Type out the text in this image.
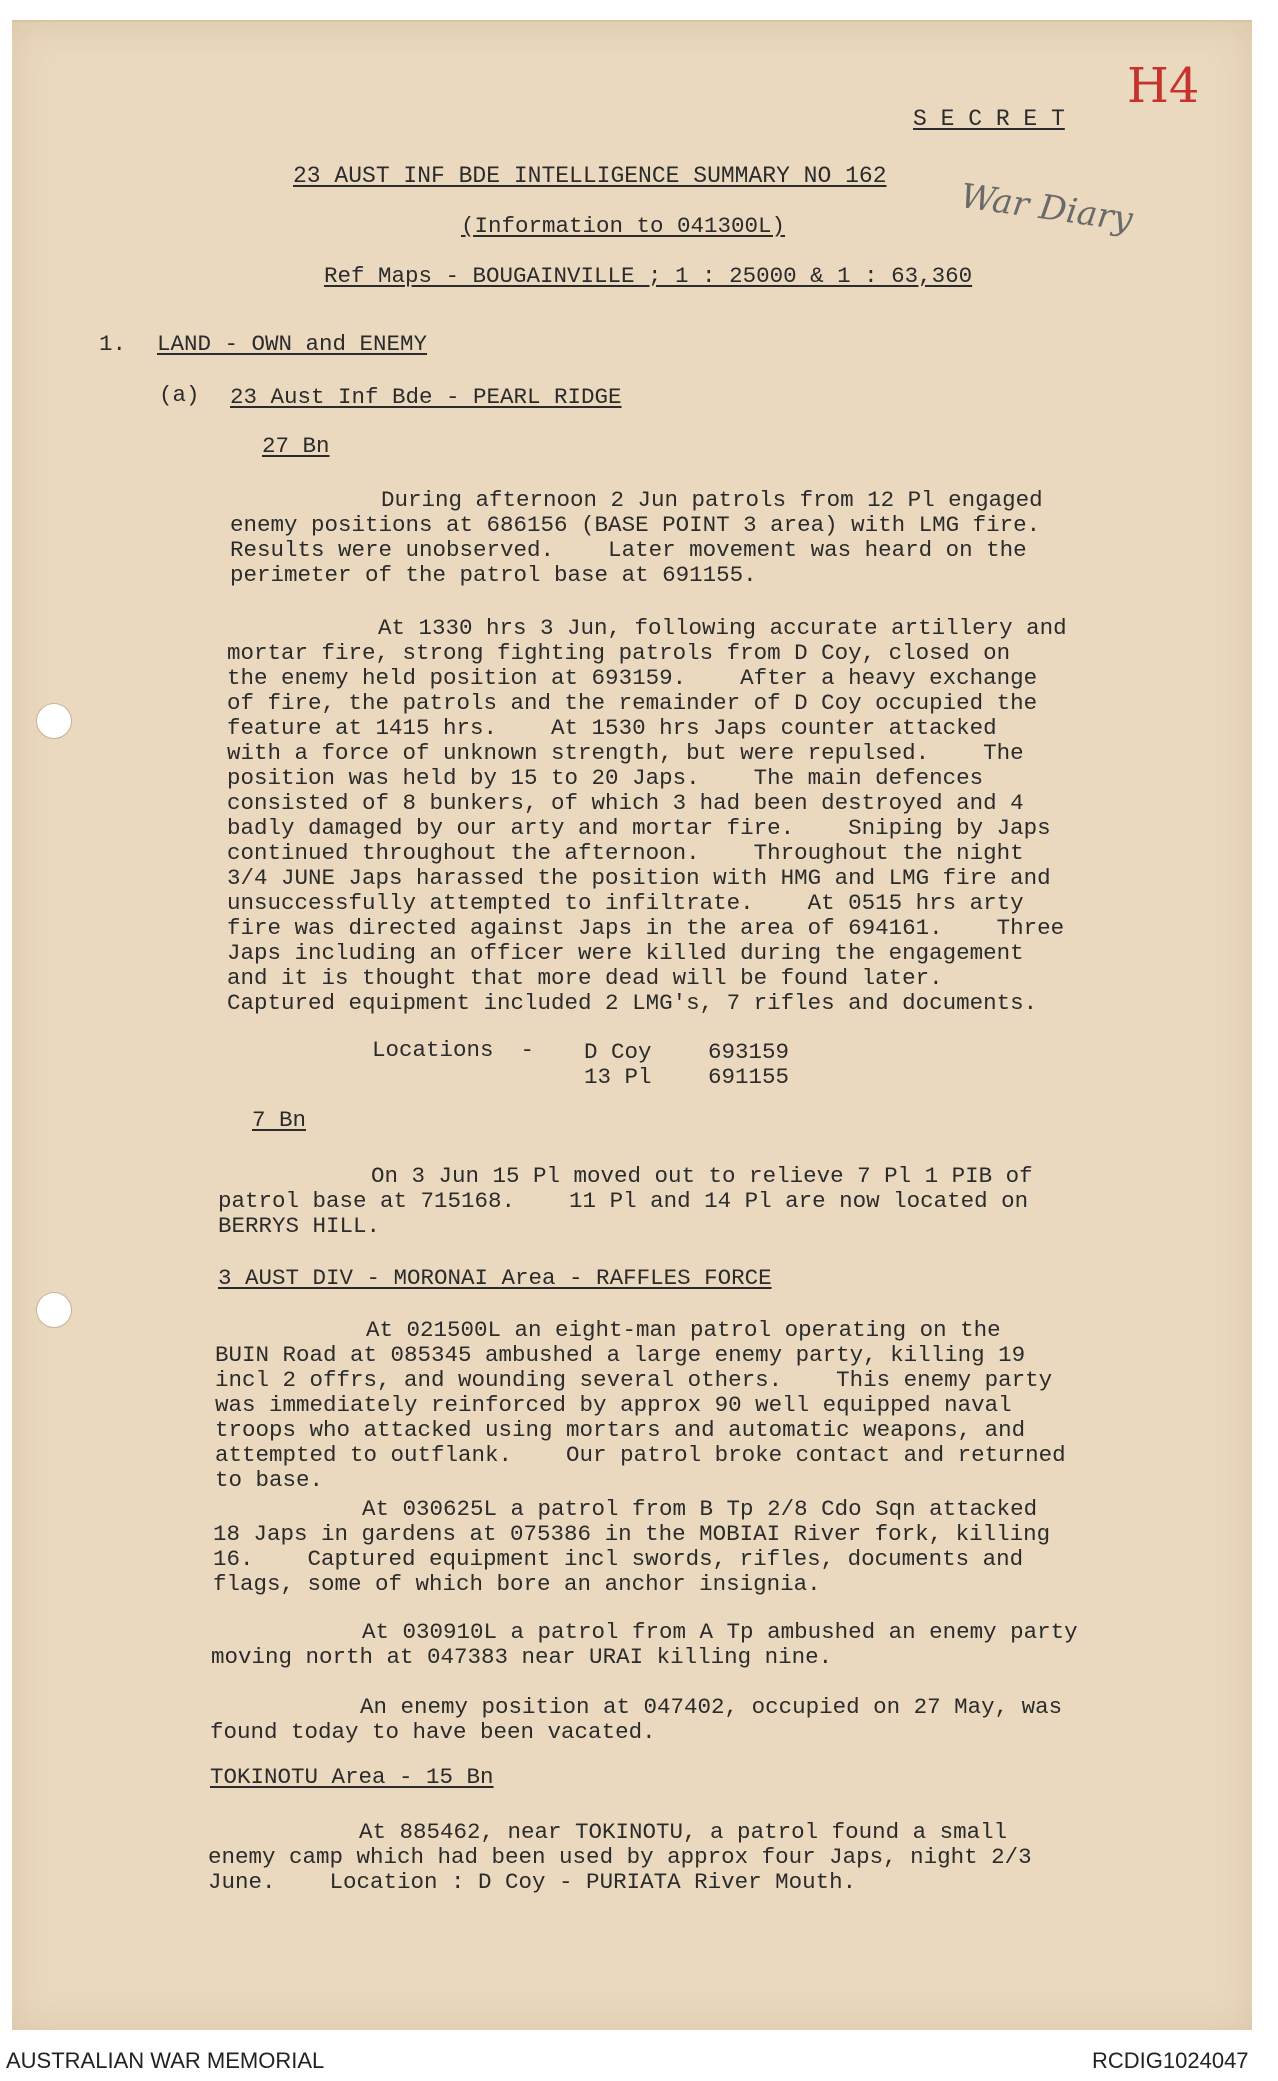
S E C R E T
H4
War Diary
23 AUST INF BDE INTELLIGENCE SUMMARY NO 162
(Information to 041300L)
Ref Maps - BOUGAINVILLE ; 1 : 25000 & 1 : 63,360
1. LAND - OWN and ENEMY
(a) 23 Aust Inf Bde - PEARL RIDGE
27 Bn
During afternoon 2 Jun patrols from 12 Pl engaged
enemy positions at 686156 (BASE POINT 3 area) with LMG fire.
Results were unobserved.    Later movement was heard on the
perimeter of the patrol base at 691155.
At 1330 hrs 3 Jun, following accurate artillery and
mortar fire, strong fighting patrols from D Coy, closed on
the enemy held position at 693159.    After a heavy exchange
of fire, the patrols and the remainder of D Coy occupied the
feature at 1415 hrs.    At 1530 hrs Japs counter attacked
with a force of unknown strength, but were repulsed.    The
position was held by 15 to 20 Japs.    The main defences
consisted of 8 bunkers, of which 3 had been destroyed and 4
badly damaged by our arty and mortar fire.    Sniping by Japs
continued throughout the afternoon.    Throughout the night
3/4 JUNE Japs harassed the position with HMG and LMG fire and
unsuccessfully attempted to infiltrate.    At 0515 hrs arty
fire was directed against Japs in the area of 694161.    Three
Japs including an officer were killed during the engagement
and it is thought that more dead will be found later.
Captured equipment included 2 LMG's, 7 rifles and documents.
Locations  - D Coy	693159
13 Pl	691155
7 Bn
On 3 Jun 15 Pl moved out to relieve 7 Pl 1 PIB of
patrol base at 715168.    11 Pl and 14 Pl are now located on
BERRYS HILL.
3 AUST DIV - MORONAI Area - RAFFLES FORCE
At 021500L an eight-man patrol operating on the
BUIN Road at 085345 ambushed a large enemy party, killing 19
incl 2 offrs, and wounding several others.    This enemy party
was immediately reinforced by approx 90 well equipped naval
troops who attacked using mortars and automatic weapons, and
attempted to outflank.    Our patrol broke contact and returned
to base.
At 030625L a patrol from B Tp 2/8 Cdo Sqn attacked
18 Japs in gardens at 075386 in the MOBIAI River fork, killing
16.    Captured equipment incl swords, rifles, documents and
flags, some of which bore an anchor insignia.
At 030910L a patrol from A Tp ambushed an enemy party
moving north at 047383 near URAI killing nine.
An enemy position at 047402, occupied on 27 May, was
found today to have been vacated.
TOKINOTU Area - 15 Bn
At 885462, near TOKINOTU, a patrol found a small
enemy camp which had been used by approx four Japs, night 2/3
June.    Location : D Coy - PURIATA River Mouth.
AUSTRALIAN WAR MEMORIAL	RCDIG1024047
